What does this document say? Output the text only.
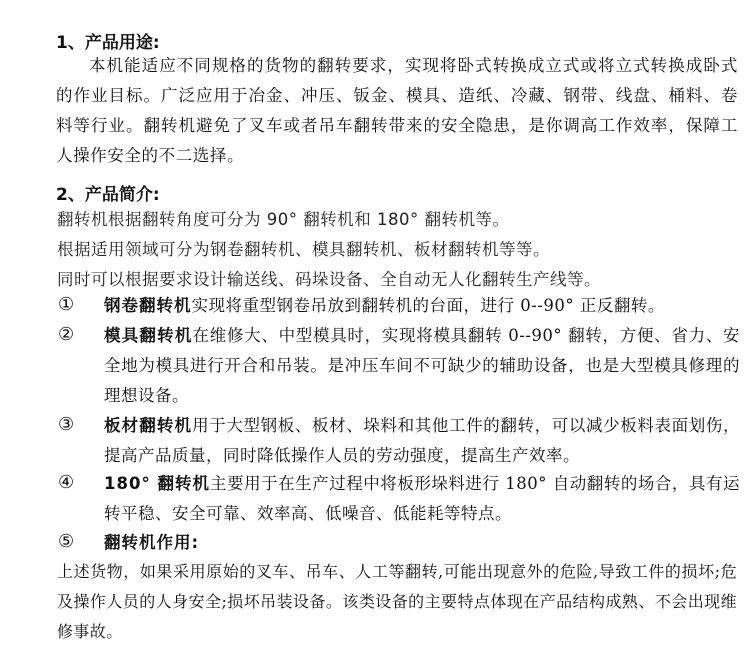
1、产品用途:
本机能适应不同规格的货物的翻转要求，实现将卧式转换成立式或将立式转换成卧式的作业目标。广泛应用于冶金、冲压、钣金、模具、造纸、冷藏、钢带、线盘、桶料、卷料等行业。翻转机避免了叉车或者吊车翻转带来的安全隐患，是你调高工作效率，保障工人操作安全的不二选择。
2、产品简介:
翻转机根据翻转角度可分为 90° 翻转机和 180° 翻转机等。
根据适用领域可分为钢卷翻转机、模具翻转机、板材翻转机等等。
同时可以根据要求设计输送线、码垛设备、全自动无人化翻转生产线等。
① 钢卷翻转机实现将重型钢卷吊放到翻转机的台面，进行 0--90° 正反翻转。
② 模具翻转机在维修大、中型模具时，实现将模具翻转 0--90° 翻转，方便、省力、安全地为模具进行开合和吊装。是冲压车间不可缺少的辅助设备，也是大型模具修理的理想设备。
③ 板材翻转机用于大型钢板、板材、垛料和其他工件的翻转，可以减少板料表面划伤，提高产品质量，同时降低操作人员的劳动强度，提高生产效率。
④ 180° 翻转机主要用于在生产过程中将板形垛料进行 180° 自动翻转的场合，具有运转平稳、安全可靠、效率高、低噪音、低能耗等特点。
⑤ 翻转机作用:
上述货物，如果采用原始的叉车、吊车、人工等翻转,可能出现意外的危险,导致工件的损坏;危及操作人员的人身安全;损坏吊装设备。该类设备的主要特点体现在产品结构成熟、不会出现维修事故。
